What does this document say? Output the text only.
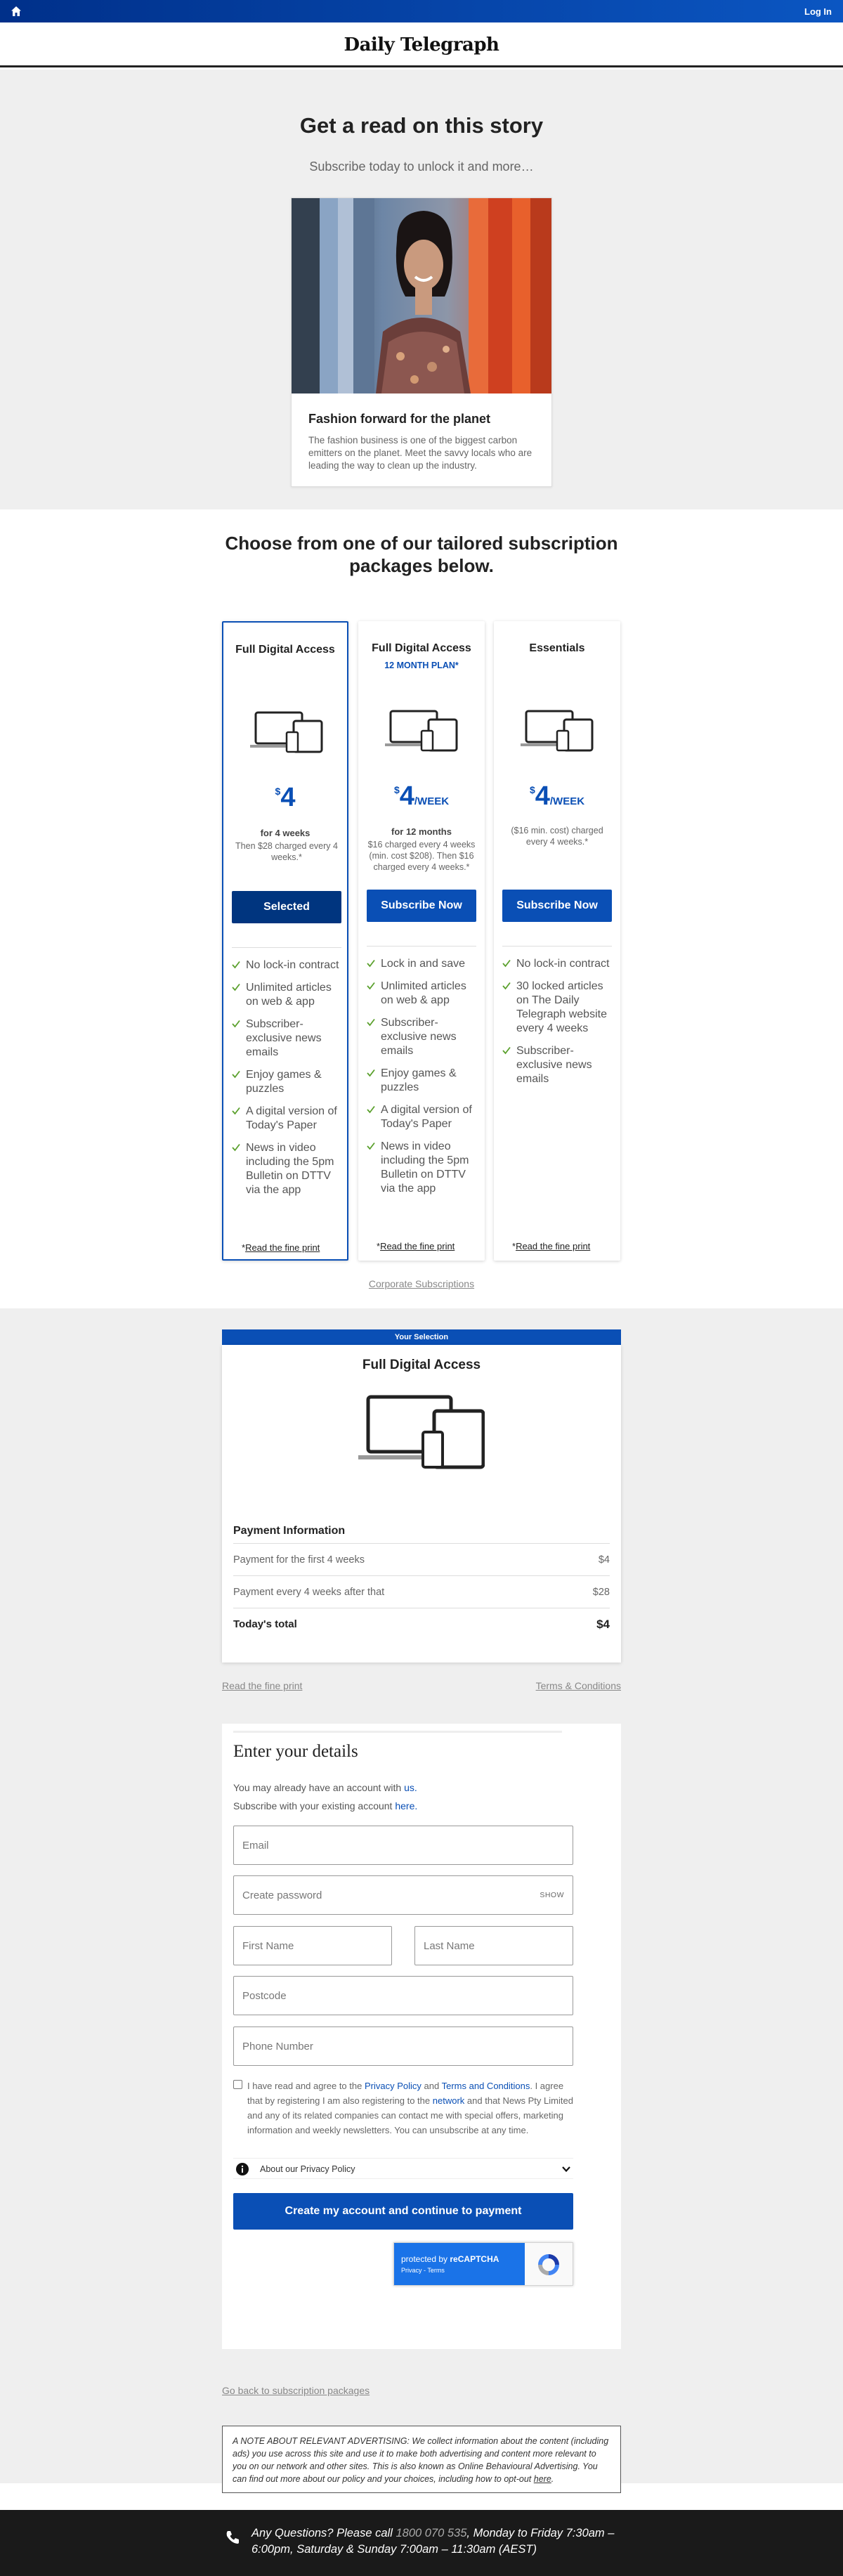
Log In
Daily Telegraph
Get a read on this story
Subscribe today to unlock it and more…
Fashion forward for the planet

The fashion business is one of the biggest carbon emitters on the planet. Meet the savvy locals who are leading the way to clean up the industry.

Choose from one of our tailored subscription packages below.
Full Digital Access
$4
for 4 weeks
Then $28 charged every 4 weeks.*
Selected
No lock-in contract
Unlimited articles on web & app
Subscriber-exclusive news emails
Enjoy games & puzzles
A digital version of Today's Paper
News in video including the 5pm Bulletin on DTTV via the app
*Read the fine print
Full Digital Access
12 MONTH PLAN*
$4/WEEK
for 12 months
$16 charged every 4 weeks (min. cost $208). Then $16 charged every 4 weeks.*
Subscribe Now
Lock in and save
Unlimited articles on web & app
Subscriber-exclusive news emails
Enjoy games & puzzles
A digital version of Today's Paper
News in video including the 5pm Bulletin on DTTV via the app
*Read the fine print
Essentials
$4/WEEK
($16 min. cost) charged every 4 weeks.*
Subscribe Now
No lock-in contract
30 locked articles on The Daily Telegraph website every 4 weeks
Subscriber-exclusive news emails
*Read the fine print
Corporate Subscriptions
Your Selection
Full Digital Access
Payment Information
Payment for the first 4 weeks	$4
Payment every 4 weeks after that	$28
Today's total	$4
Read the fine print	Terms & Conditions
Enter your details
You may already have an account with us.
Subscribe with your existing account here.
Email
SHOW
First Name
Last Name
Postcode
Phone Number

I have read and agree to the Privacy Policy and Terms and Conditions. I agree that by registering I am also registering to the network and that News Pty Limited and any of its related companies can contact me with special offers, marketing information and weekly newsletters. You can unsubscribe at any time.

About our Privacy Policy
Create my account and continue to payment
protected by reCAPTCHA
Privacy - Terms
Go back to subscription packages
A NOTE ABOUT RELEVANT ADVERTISING: We collect information about the content (including ads) you use across this site and use it to make both advertising and content more relevant to you on our network and other sites. This is also known as Online Behavioural Advertising. You can find out more about our policy and your choices, including how to opt-out here.
Any Questions? Please call 1800 070 535, Monday to Friday 7:30am – 6:00pm, Saturday & Sunday 7:00am – 11:30am (AEST)
